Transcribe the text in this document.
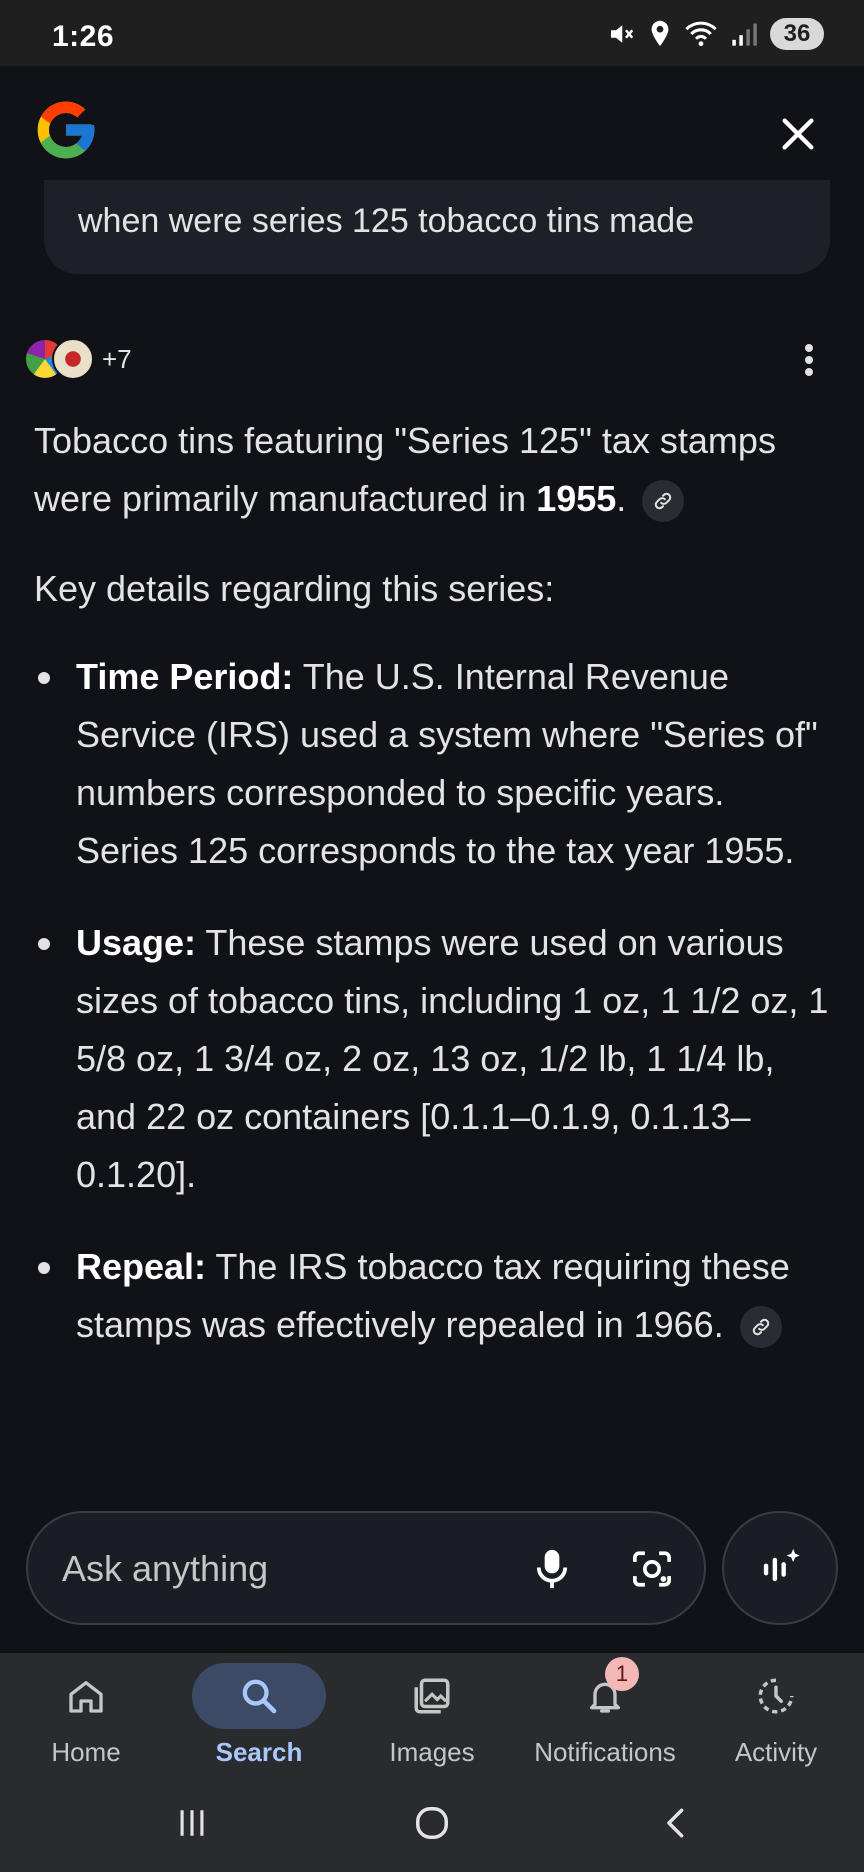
1:26	36
when were series 125 tobacco tins made
+7

Tobacco tins featuring "Series 125" tax stamps were primarily manufactured in 1955.

Key details regarding this series:

Time Period: The U.S. Internal Revenue Service (IRS) used a system where "Series of" numbers corresponded to specific years. Series 125 corresponds to the tax year 1955.
Usage: These stamps were used on various sizes of tobacco tins, including 1 oz, 1 1/2 oz, 1 5/8 oz, 1 3/4 oz, 2 oz, 13 oz, 1/2 lb, 1 1/4 lb, and 22 oz containers [0.1.1–0.1.9, 0.1.13–0.1.20].
Repeal: The IRS tobacco tax requiring these stamps was effectively repealed in 1966.
Ask anything
Home	Search	Images
1
Notifications	Activity
